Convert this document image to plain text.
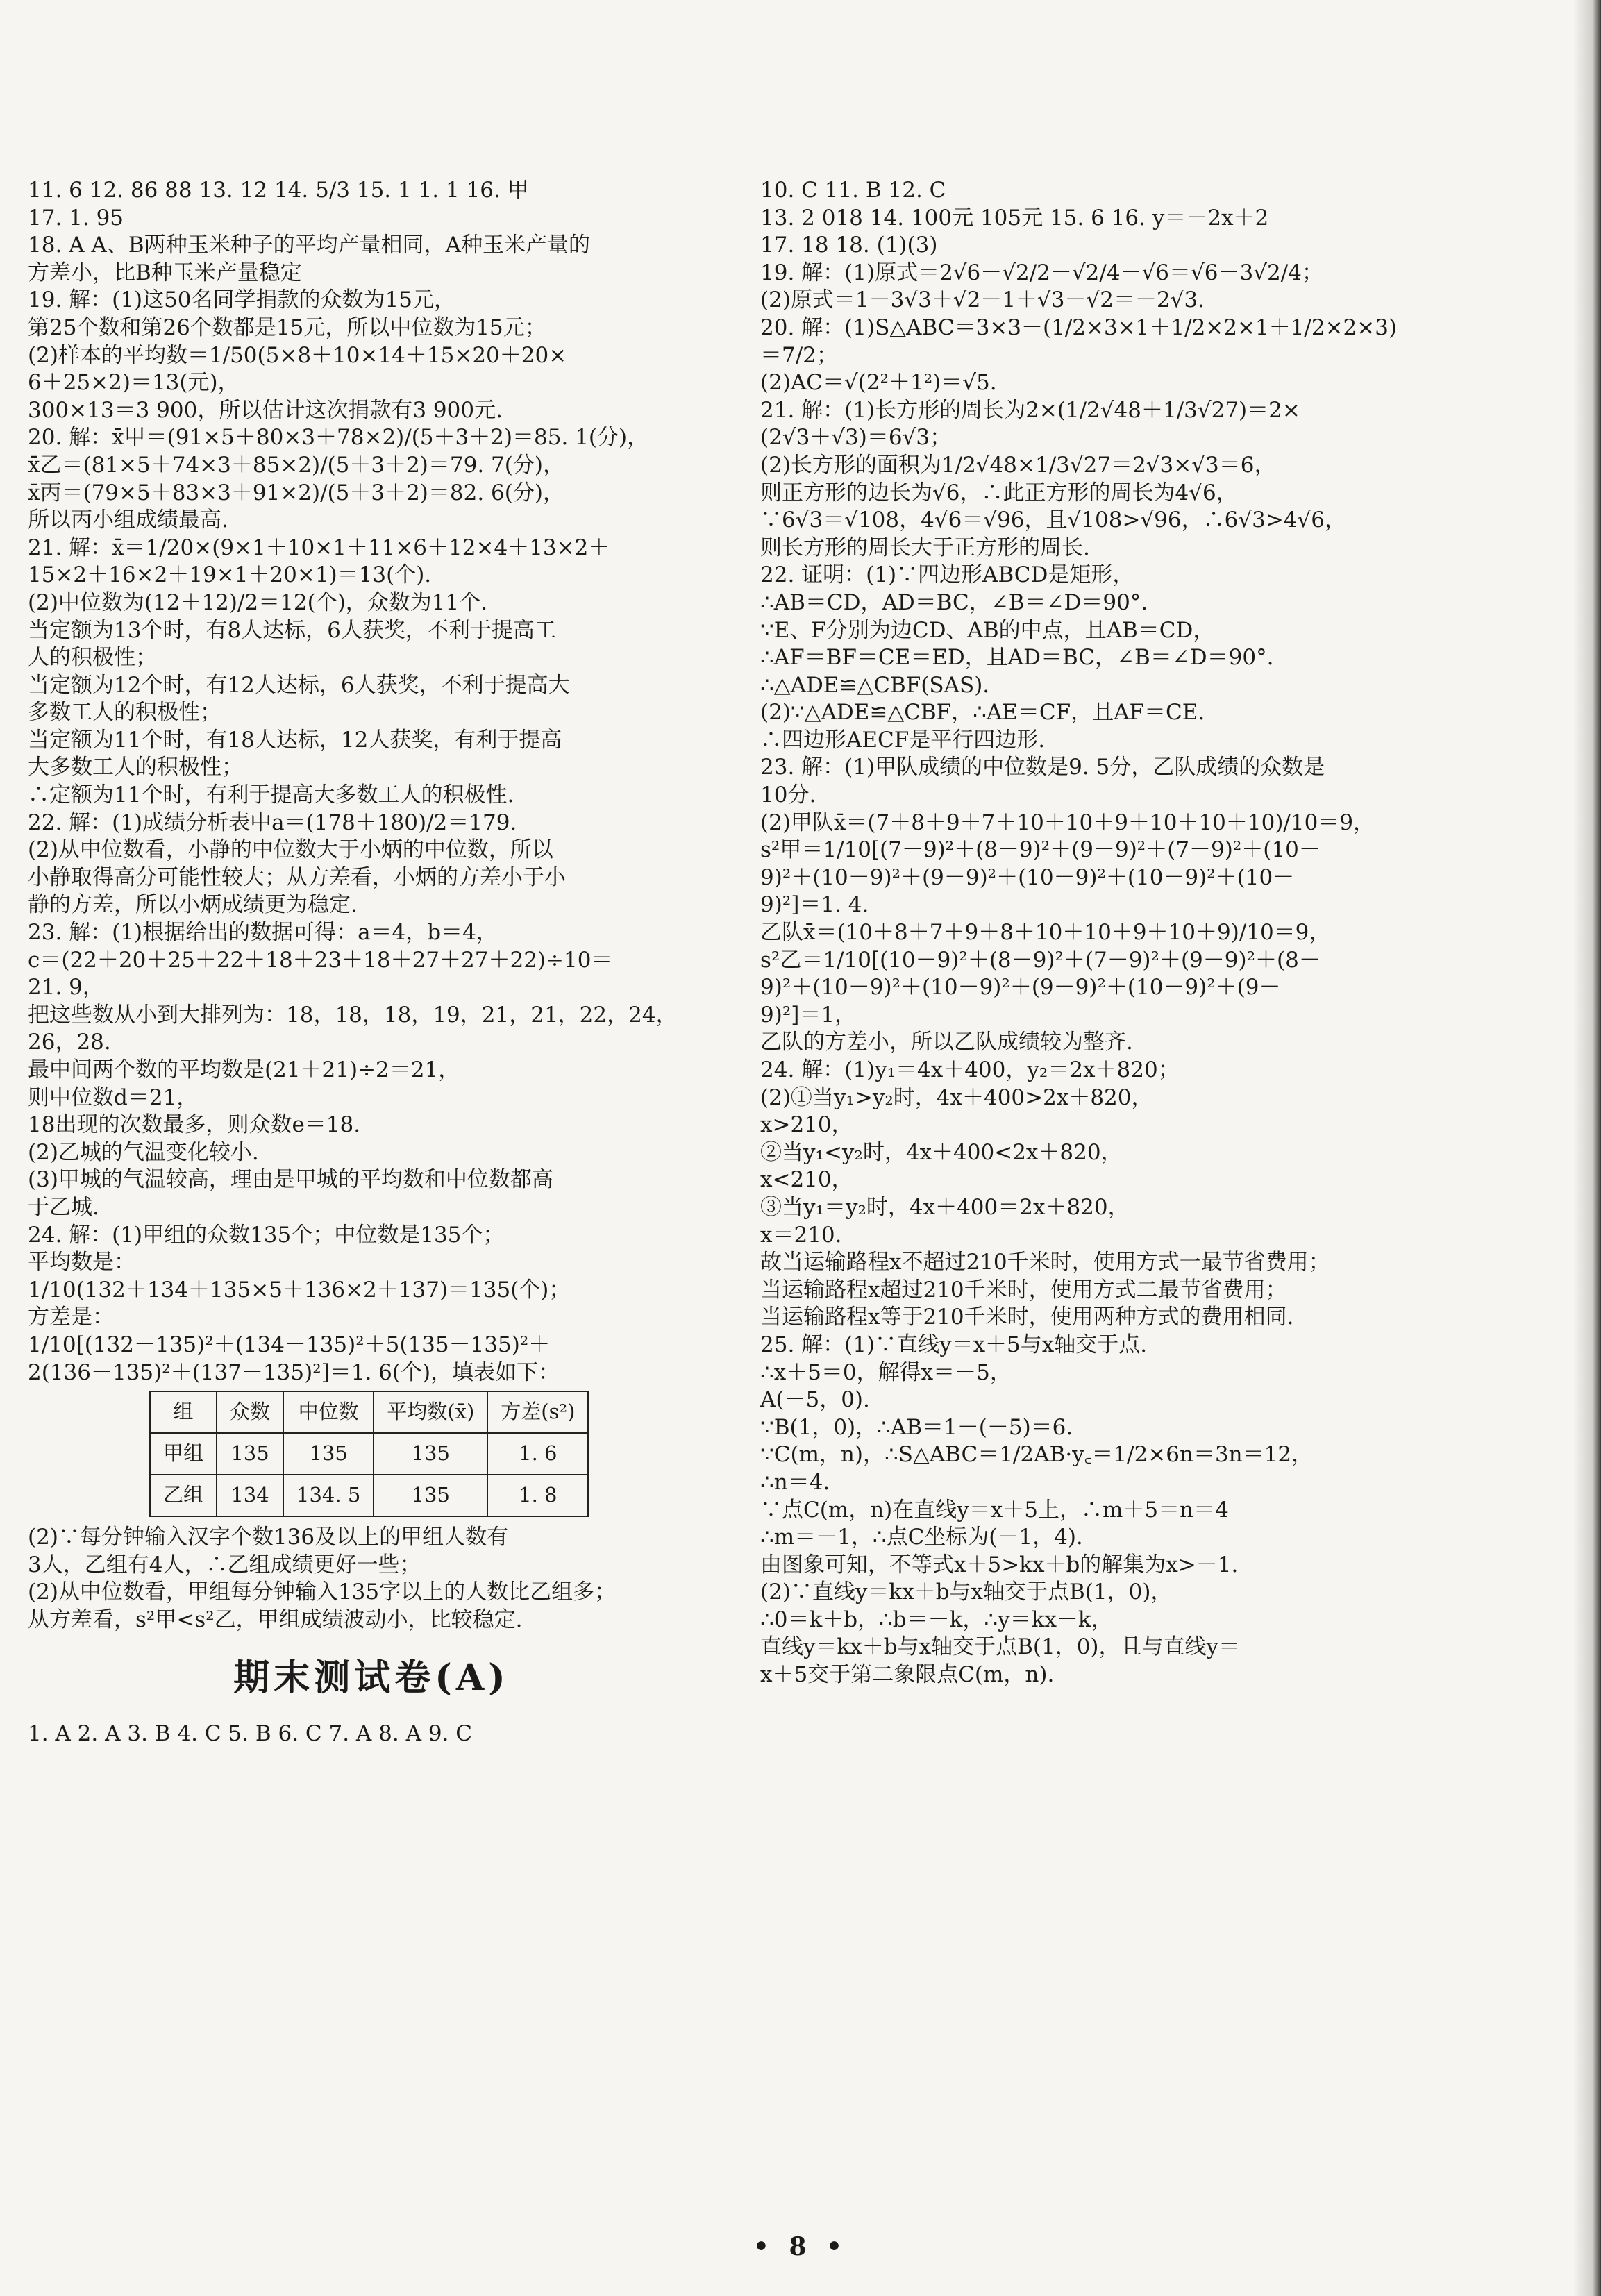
11. 6 12. 86 88 13. 12 14. 5/3 15. 1 1. 1 16. 甲
17. 1. 95
18. A A、B两种玉米种子的平均产量相同，A种玉米产量的
方差小，比B种玉米产量稳定
19. 解：(1)这50名同学捐款的众数为15元，
第25个数和第26个数都是15元，所以中位数为15元；
(2)样本的平均数＝1/50(5×8＋10×14＋15×20＋20×
6＋25×2)＝13(元)，
300×13＝3 900，所以估计这次捐款有3 900元.
20. 解：x̄甲＝(91×5＋80×3＋78×2)/(5＋3＋2)＝85. 1(分)，
x̄乙＝(81×5＋74×3＋85×2)/(5＋3＋2)＝79. 7(分)，
x̄丙＝(79×5＋83×3＋91×2)/(5＋3＋2)＝82. 6(分)，
所以丙小组成绩最高.
21. 解：x̄＝1/20×(9×1＋10×1＋11×6＋12×4＋13×2＋
15×2＋16×2＋19×1＋20×1)＝13(个).
(2)中位数为(12＋12)/2＝12(个)，众数为11个.
当定额为13个时，有8人达标，6人获奖，不利于提高工
人的积极性；
当定额为12个时，有12人达标，6人获奖，不利于提高大
多数工人的积极性；
当定额为11个时，有18人达标，12人获奖，有利于提高
大多数工人的积极性；
∴定额为11个时，有利于提高大多数工人的积极性.
22. 解：(1)成绩分析表中a＝(178＋180)/2＝179.
(2)从中位数看，小静的中位数大于小炳的中位数，所以
小静取得高分可能性较大；从方差看，小炳的方差小于小
静的方差，所以小炳成绩更为稳定.
23. 解：(1)根据给出的数据可得：a＝4，b＝4，
c＝(22＋20＋25＋22＋18＋23＋18＋27＋27＋22)÷10＝
21. 9，
把这些数从小到大排列为：18，18，18，19，21，21，22，24，
26，28.
最中间两个数的平均数是(21＋21)÷2＝21，
则中位数d＝21，
18出现的次数最多，则众数e＝18.
(2)乙城的气温变化较小.
(3)甲城的气温较高，理由是甲城的平均数和中位数都高
于乙城.
24. 解：(1)甲组的众数135个；中位数是135个；
平均数是：
1/10(132＋134＋135×5＋136×2＋137)＝135(个)；
方差是：
1/10[(132－135)²＋(134－135)²＋5(135－135)²＋
2(136－135)²＋(137－135)²]＝1. 6(个)，填表如下：
组	众数	中位数	平均数(x̄)	方差(s²)
甲组	135	135	135	1. 6
乙组	134	134. 5	135	1. 8
(2)∵每分钟输入汉字个数136及以上的甲组人数有
3人，乙组有4人，∴乙组成绩更好一些；
(2)从中位数看，甲组每分钟输入135字以上的人数比乙组多；
从方差看，s²甲<s²乙，甲组成绩波动小，比较稳定.
期末测试卷(A)
1. A 2. A 3. B 4. C 5. B 6. C 7. A 8. A 9. C
10. C 11. B 12. C
13. 2 018 14. 100元 105元 15. 6 16. y＝－2x＋2
17. 18 18. (1)(3)
19. 解：(1)原式＝2√6－√2/2－√2/4－√6＝√6－3√2/4；
(2)原式＝1－3√3＋√2－1＋√3－√2＝－2√3.
20. 解：(1)S△ABC＝3×3－(1/2×3×1＋1/2×2×1＋1/2×2×3)
＝7/2；
(2)AC＝√(2²＋1²)＝√5.
21. 解：(1)长方形的周长为2×(1/2√48＋1/3√27)＝2×
(2√3＋√3)＝6√3；
(2)长方形的面积为1/2√48×1/3√27＝2√3×√3＝6，
则正方形的边长为√6，∴此正方形的周长为4√6，
∵6√3＝√108，4√6＝√96，且√108>√96，∴6√3>4√6，
则长方形的周长大于正方形的周长.
22. 证明：(1)∵四边形ABCD是矩形，
∴AB＝CD，AD＝BC，∠B＝∠D＝90°.
∵E、F分别为边CD、AB的中点，且AB＝CD，
∴AF＝BF＝CE＝ED，且AD＝BC，∠B＝∠D＝90°.
∴△ADE≌△CBF(SAS).
(2)∵△ADE≌△CBF，∴AE＝CF，且AF＝CE.
∴四边形AECF是平行四边形.
23. 解：(1)甲队成绩的中位数是9. 5分，乙队成绩的众数是
10分.
(2)甲队x̄＝(7＋8＋9＋7＋10＋10＋9＋10＋10＋10)/10＝9，
s²甲＝1/10[(7－9)²＋(8－9)²＋(9－9)²＋(7－9)²＋(10－
9)²＋(10－9)²＋(9－9)²＋(10－9)²＋(10－9)²＋(10－
9)²]＝1. 4.
乙队x̄＝(10＋8＋7＋9＋8＋10＋10＋9＋10＋9)/10＝9，
s²乙＝1/10[(10－9)²＋(8－9)²＋(7－9)²＋(9－9)²＋(8－
9)²＋(10－9)²＋(10－9)²＋(9－9)²＋(10－9)²＋(9－
9)²]＝1，
乙队的方差小，所以乙队成绩较为整齐.
24. 解：(1)y₁＝4x＋400，y₂＝2x＋820；
(2)①当y₁>y₂时，4x＋400>2x＋820，
x>210，
②当y₁<y₂时，4x＋400<2x＋820，
x<210，
③当y₁＝y₂时，4x＋400＝2x＋820，
x＝210.
故当运输路程x不超过210千米时，使用方式一最节省费用；
当运输路程x超过210千米时，使用方式二最节省费用；
当运输路程x等于210千米时，使用两种方式的费用相同.
25. 解：(1)∵直线y＝x＋5与x轴交于点.
∴x＋5＝0，解得x＝－5，
A(－5，0).
∵B(1，0)，∴AB＝1－(－5)＝6.
∵C(m，n)，∴S△ABC＝1/2AB·y꜀＝1/2×6n＝3n＝12，
∴n＝4.
∵点C(m，n)在直线y＝x＋5上，∴m＋5＝n＝4
∴m＝－1，∴点C坐标为(－1，4).
由图象可知，不等式x＋5>kx＋b的解集为x>－1.
(2)∵直线y＝kx＋b与x轴交于点B(1，0)，
∴0＝k＋b，∴b＝－k，∴y＝kx－k，
直线y＝kx＋b与x轴交于点B(1，0)，且与直线y＝
x＋5交于第二象限点C(m，n).
• 8 •
